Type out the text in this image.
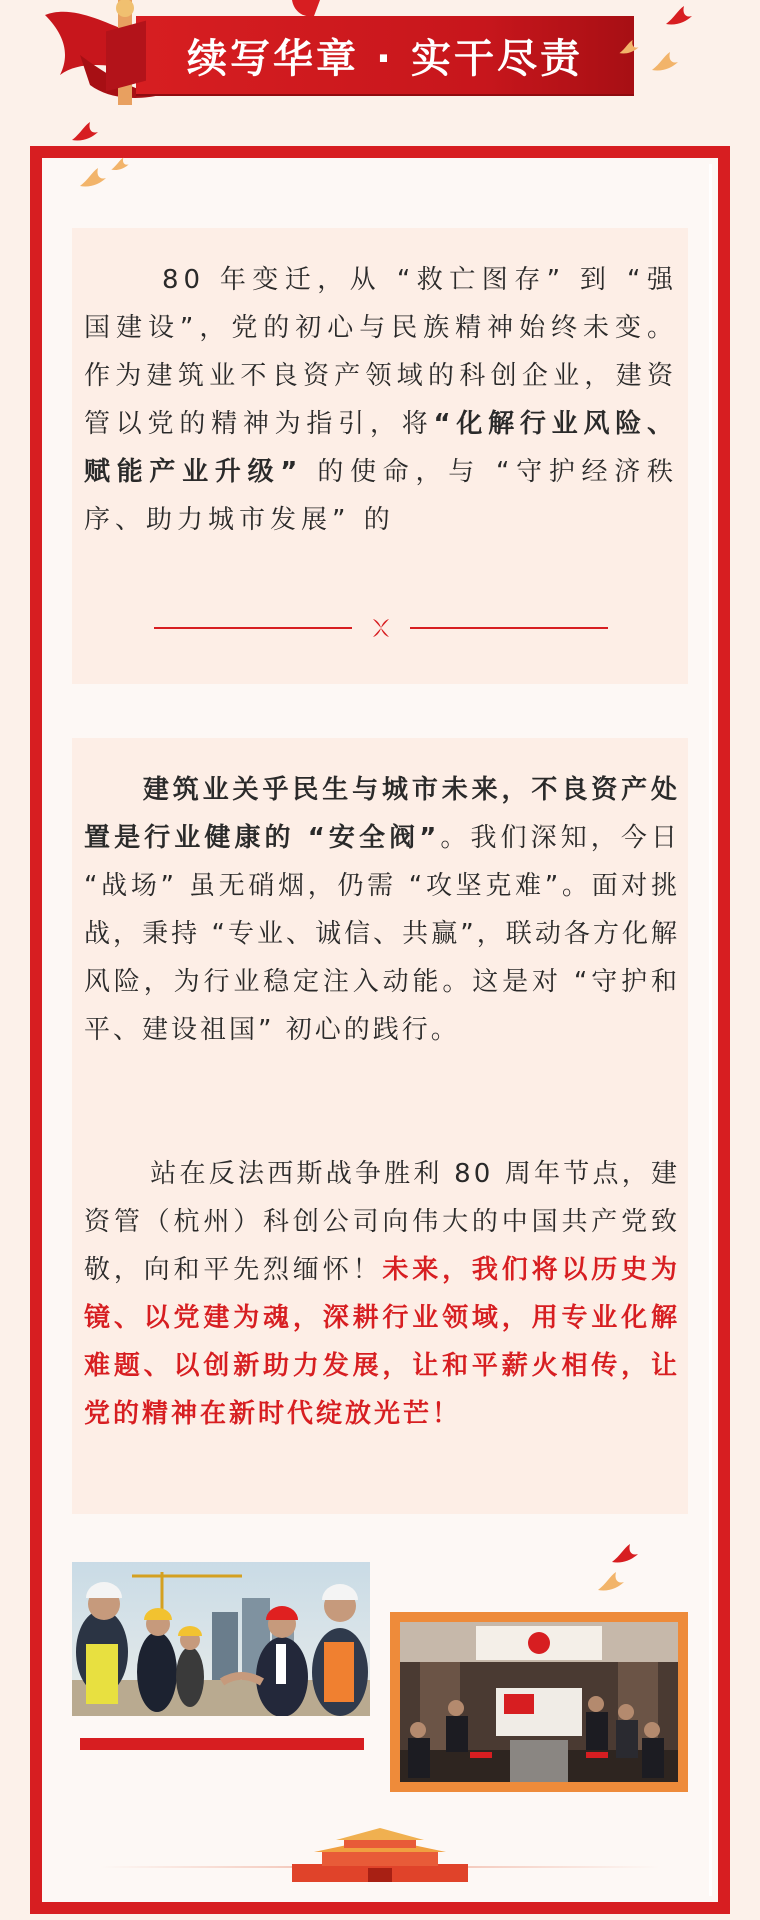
续写华章 · 实干尽责

80 年变迁，从 “救亡图存” 到 “强国建设”，党的初心与民族精神始终未变。作为建筑业不良资产领域的科创企业，建资管以党的精神为指引，将“化解行业风险、赋能产业升级” 的使命，与 “守护经济秩序、助力城市发展” 的

建筑业关乎民生与城市未来，不良资产处置是行业健康的 “安全阀”。我们深知，今日 “战场” 虽无硝烟，仍需 “攻坚克难”。面对挑战，秉持 “专业、诚信、共赢”，联动各方化解风险，为行业稳定注入动能。这是对 “守护和平、建设祖国” 初心的践行。

站在反法西斯战争胜利 80 周年节点，建资管（杭州）科创公司向伟大的中国共产党致敬，向和平先烈缅怀！未来，我们将以历史为镜、以党建为魂，深耕行业领域，用专业化解难题、以创新助力发展，让和平薪火相传，让党的精神在新时代绽放光芒！
